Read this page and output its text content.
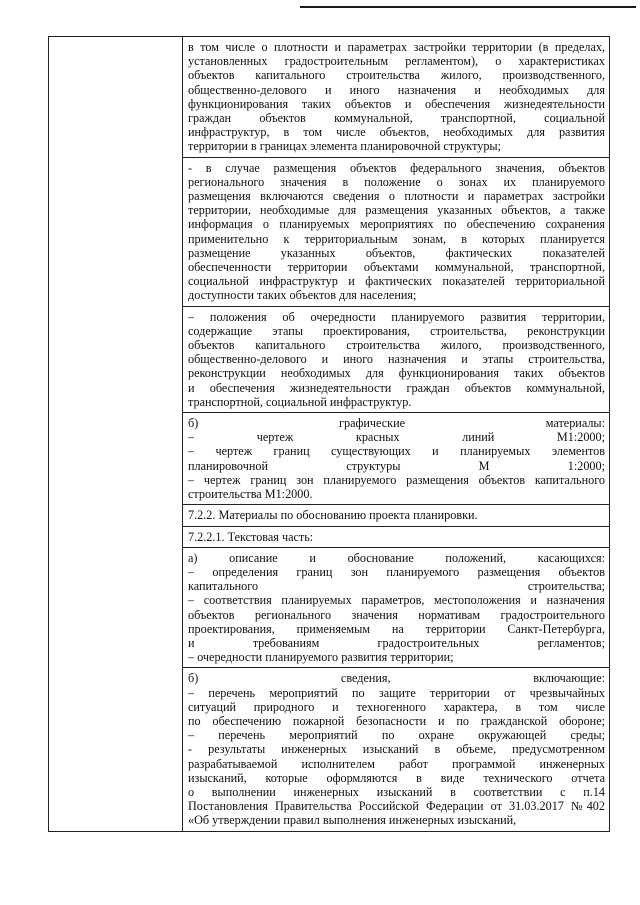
в том числе о плотности и параметрах застройки территории (в пределах,
установленных градостроительным регламентом), о характеристиках
объектов капитального строительства жилого, производственного,
общественно-делового и иного назначения и необходимых для
функционирования таких объектов и обеспечения жизнедеятельности
граждан объектов коммунальной, транспортной, социальной
инфраструктур, в том числе объектов, необходимых для развития
территории в границах элемента планировочной структуры;
- в случае размещения объектов федерального значения, объектов
регионального значения в положение о зонах их планируемого
размещения включаются сведения о плотности и параметрах застройки
территории, необходимые для размещения указанных объектов, а также
информация о планируемых мероприятиях по обеспечению сохранения
применительно к территориальным зонам, в которых планируется
размещение указанных объектов, фактических показателей
обеспеченности территории объектами коммунальной, транспортной,
социальной инфраструктур и фактических показателей территориальной
доступности таких объектов для населения;
– положения об очередности планируемого развития территории,
содержащие этапы проектирования, строительства, реконструкции
объектов капитального строительства жилого, производственного,
общественно-делового и иного назначения и этапы строительства,
реконструкции необходимых для функционирования таких объектов
и обеспечения жизнедеятельности граждан объектов коммунальной,
транспортной, социальной инфраструктур.
б) графические материалы:
– чертеж красных линий М1:2000;
– чертеж границ существующих и планируемых элементов
планировочной структуры М 1:2000;
– чертеж границ зон планируемого размещения объектов капитального
строительства М1:2000.
7.2.2. Материалы по обоснованию проекта планировки.
7.2.2.1. Текстовая часть:
а) описание и обоснование положений, касающихся:
– определения границ зон планируемого размещения объектов
капитального строительства;
– соответствия планируемых параметров, местоположения и назначения
объектов регионального значения нормативам градостроительного
проектирования, применяемым на территории Санкт-Петербурга,
и требованиям градостроительных регламентов;
– очередности планируемого развития территории;
б) сведения, включающие:
– перечень мероприятий по защите территории от чрезвычайных
ситуаций природного и техногенного характера, в том числе
по обеспечению пожарной безопасности и по гражданской обороне;
– перечень мероприятий по охране окружающей среды;
- результаты инженерных изысканий в объеме, предусмотренном
разрабатываемой исполнителем работ программой инженерных
изысканий, которые оформляются в виде технического отчета
о выполнении инженерных изысканий в соответствии с п.14
Постановления Правительства Российской Федерации от 31.03.2017 №402
«Об утверждении правил выполнения инженерных изысканий,
